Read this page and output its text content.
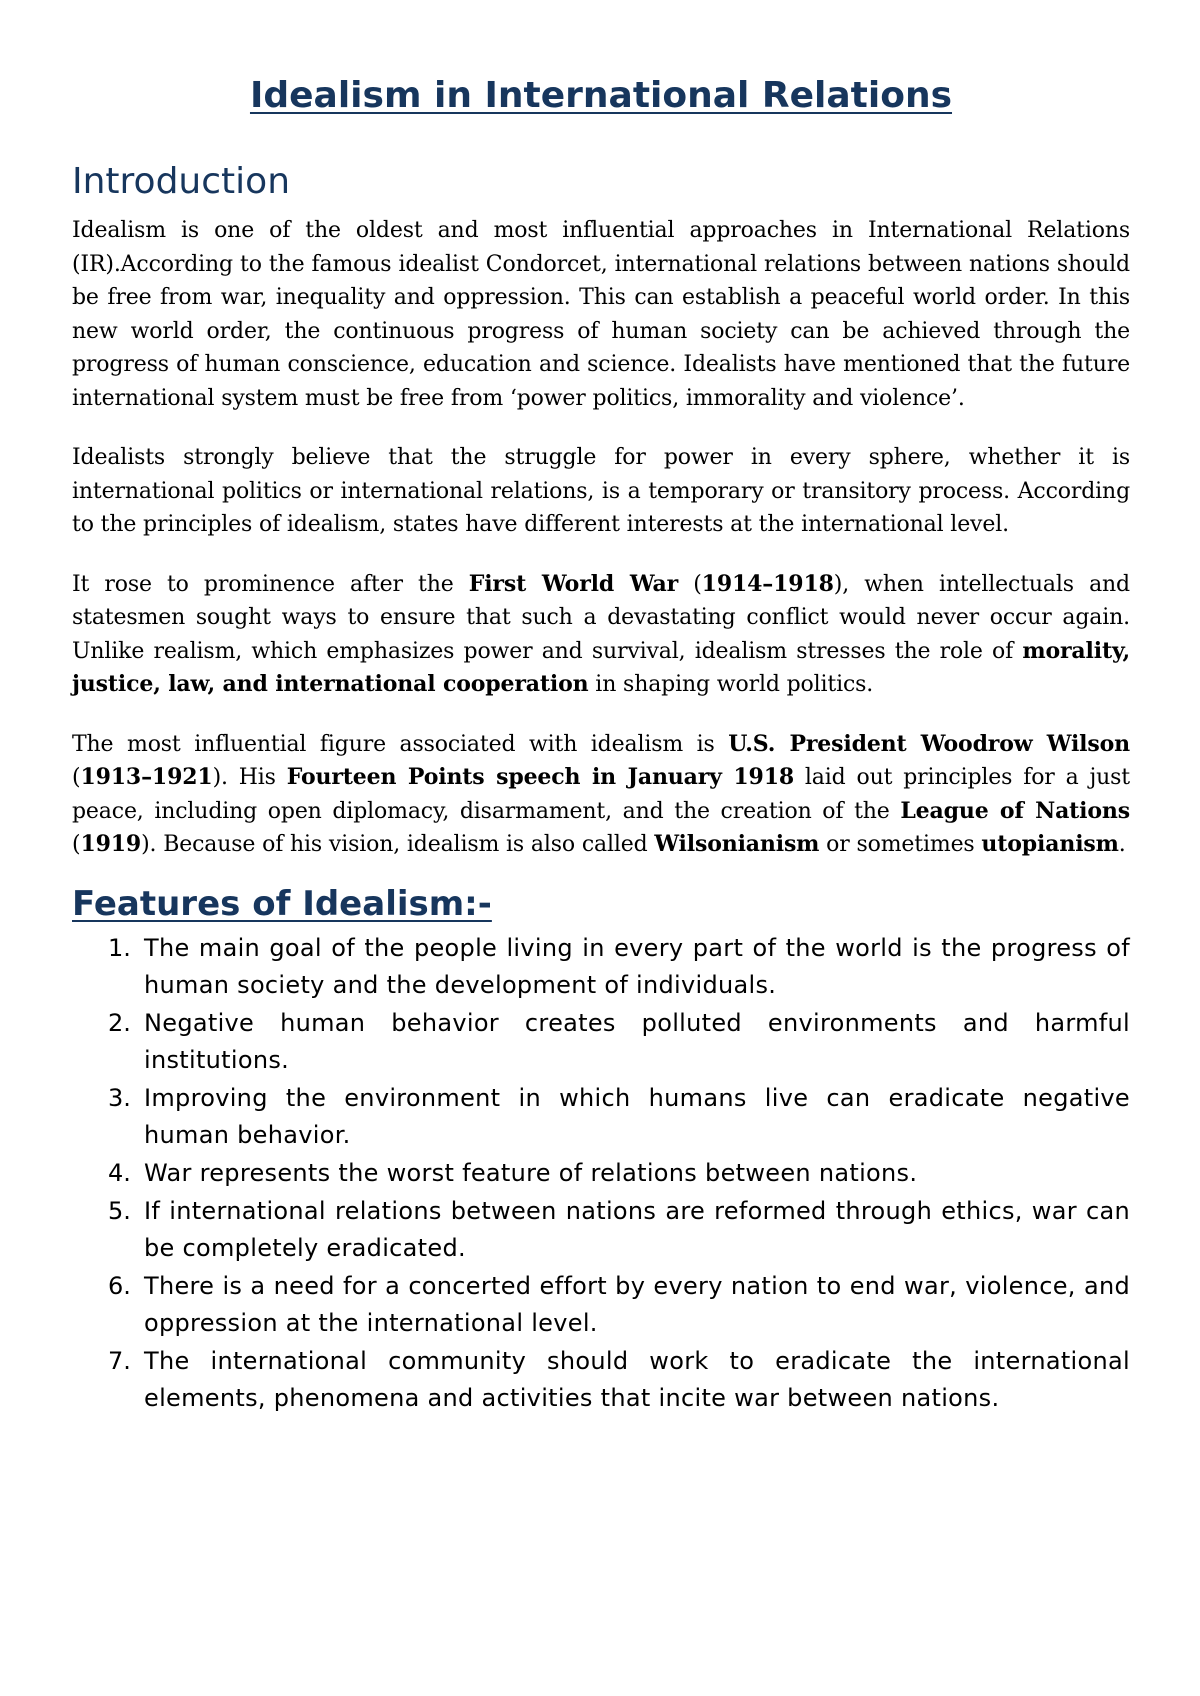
Idealism in International Relations
Introduction

Idealism is one of the oldest and most influential approaches in International Relations (IR).According to the famous idealist Condorcet, international relations between nations should be free from war, inequality and oppression. This can establish a peaceful world order. In this new world order, the continuous progress of human society can be achieved through the progress of human conscience, education and science. Idealists have mentioned that the future international system must be free from ‘power politics, immorality and violence’.

Idealists strongly believe that the struggle for power in every sphere, whether it is international politics or international relations, is a temporary or transitory process. According to the principles of idealism, states have different interests at the international level.

It rose to prominence after the First World War (1914–1918), when intellectuals and statesmen sought ways to ensure that such a devastating conflict would never occur again. Unlike realism, which emphasizes power and survival, idealism stresses the role of morality, justice, law, and international cooperation in shaping world politics.

The most influential figure associated with idealism is U.S. President Woodrow Wilson (1913–1921). His Fourteen Points speech in January 1918 laid out principles for a just peace, including open diplomacy, disarmament, and the creation of the League of Nations (1919). Because of his vision, idealism is also called Wilsonianism or sometimes utopianism.

Features of Idealism:-
1. The main goal of the people living in every part of the world is the progress of human society and the development of individuals.
2. Negative human behavior creates polluted environments and harmful institutions.
3. Improving the environment in which humans live can eradicate negative human behavior.
4. War represents the worst feature of relations between nations.
5. If international relations between nations are reformed through ethics, war can be completely eradicated.
6. There is a need for a concerted effort by every nation to end war, violence, and oppression at the international level.
7. The international community should work to eradicate the international elements, phenomena and activities that incite war between nations.
